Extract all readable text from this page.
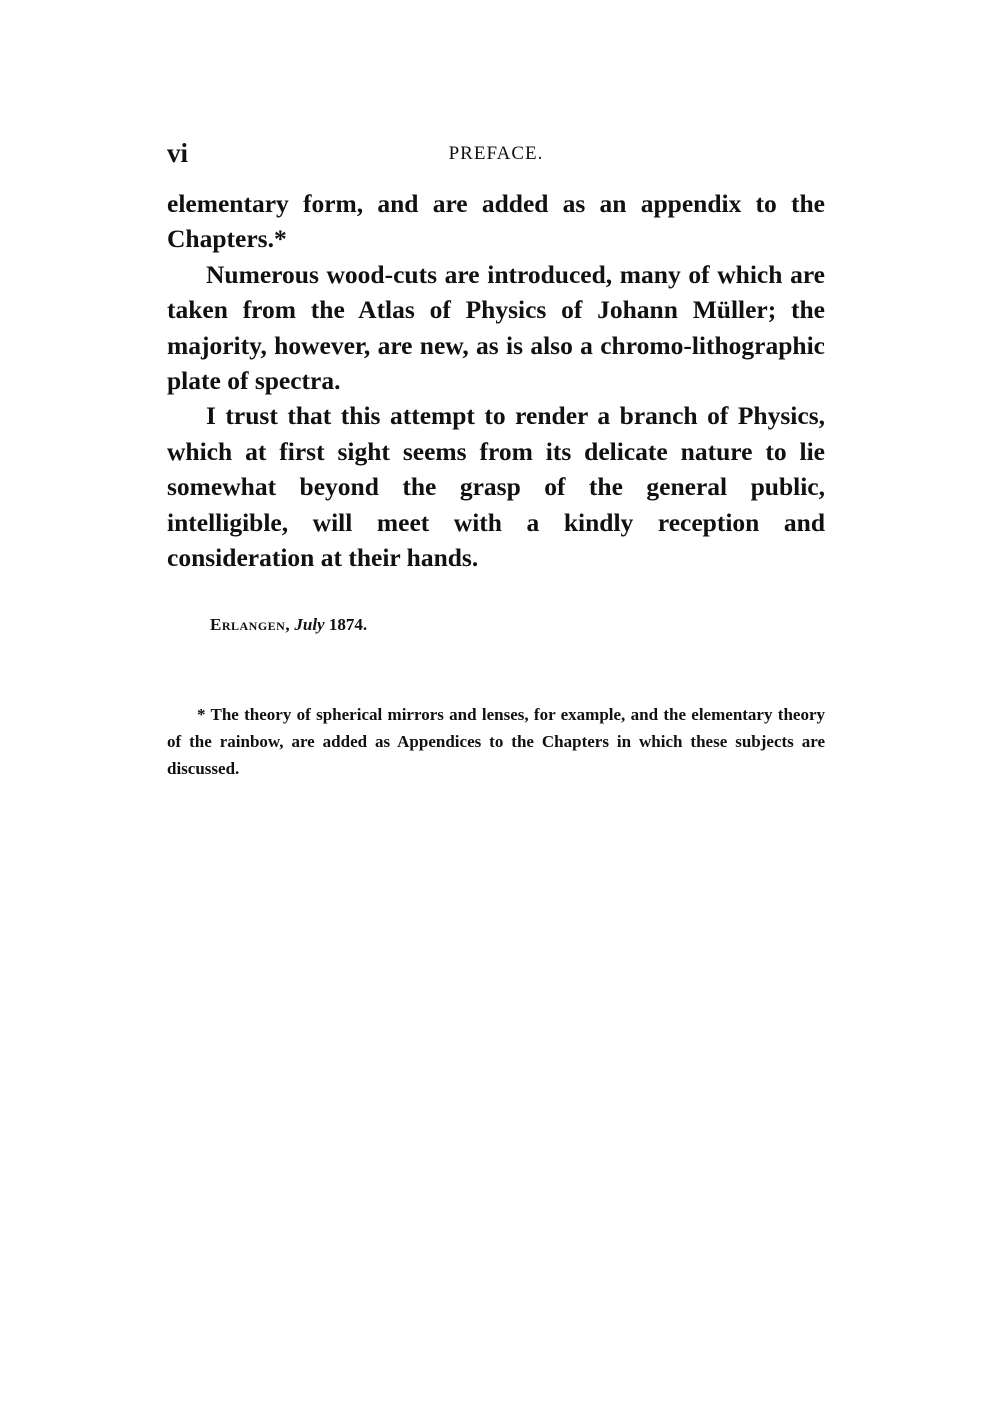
vi	PREFACE.

elementary form, and are added as an appendix to the Chapters.*

Numerous wood-cuts are introduced, many of which are taken from the Atlas of Physics of Johann Müller; the majority, however, are new, as is also a chromo-lithographic plate of spectra.

I trust that this attempt to render a branch of Physics, which at first sight seems from its delicate nature to lie somewhat beyond the grasp of the general public, intelligible, will meet with a kindly reception and consideration at their hands.

Erlangen, July 1874.

* The theory of spherical mirrors and lenses, for example, and the elementary theory of the rainbow, are added as Appendices to the Chapters in which these subjects are discussed.
